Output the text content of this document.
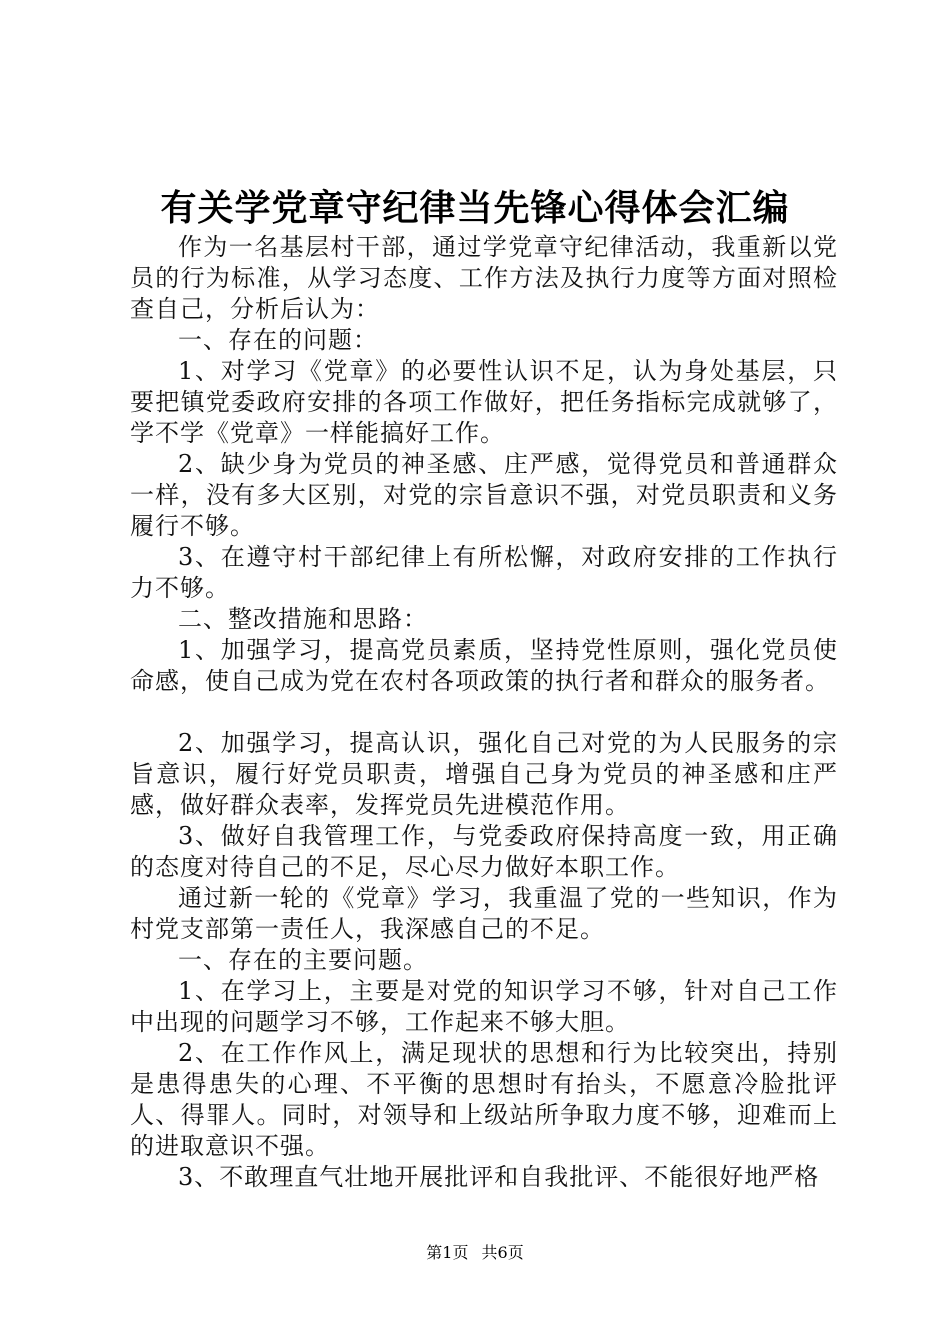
有关学党章守纪律当先锋心得体会汇编

作为一名基层村干部，通过学党章守纪律活动，我重新以党员的行为标准，从学习态度、工作方法及执行力度等方面对照检查自己，分析后认为：

一、存在的问题：

1、对学习《党章》的必要性认识不足，认为身处基层，只要把镇党委政府安排的各项工作做好，把任务指标完成就够了，学不学《党章》一样能搞好工作。

2、缺少身为党员的神圣感、庄严感，觉得党员和普通群众一样，没有多大区别，对党的宗旨意识不强，对党员职责和义务履行不够。

3、在遵守村干部纪律上有所松懈，对政府安排的工作执行力不够。

二、整改措施和思路：

1、加强学习，提高党员素质，坚持党性原则，强化党员使命感，使自己成为党在农村各项政策的执行者和群众的服务者。

2、加强学习，提高认识，强化自己对党的为人民服务的宗旨意识，履行好党员职责，增强自己身为党员的神圣感和庄严感，做好群众表率，发挥党员先进模范作用。

3、做好自我管理工作，与党委政府保持高度一致，用正确的态度对待自己的不足，尽心尽力做好本职工作。

通过新一轮的《党章》学习，我重温了党的一些知识，作为村党支部第一责任人，我深感自己的不足。

一、存在的主要问题。

1、在学习上，主要是对党的知识学习不够，针对自己工作中出现的问题学习不够，工作起来不够大胆。

2、在工作作风上，满足现状的思想和行为比较突出，持别是患得患失的心理、不平衡的思想时有抬头，不愿意冷脸批评人、得罪人。同时，对领导和上级站所争取力度不够，迎难而上的进取意识不强。

3、不敢理直气壮地开展批评和自我批评、不能很好地严格

第1页 共6页
